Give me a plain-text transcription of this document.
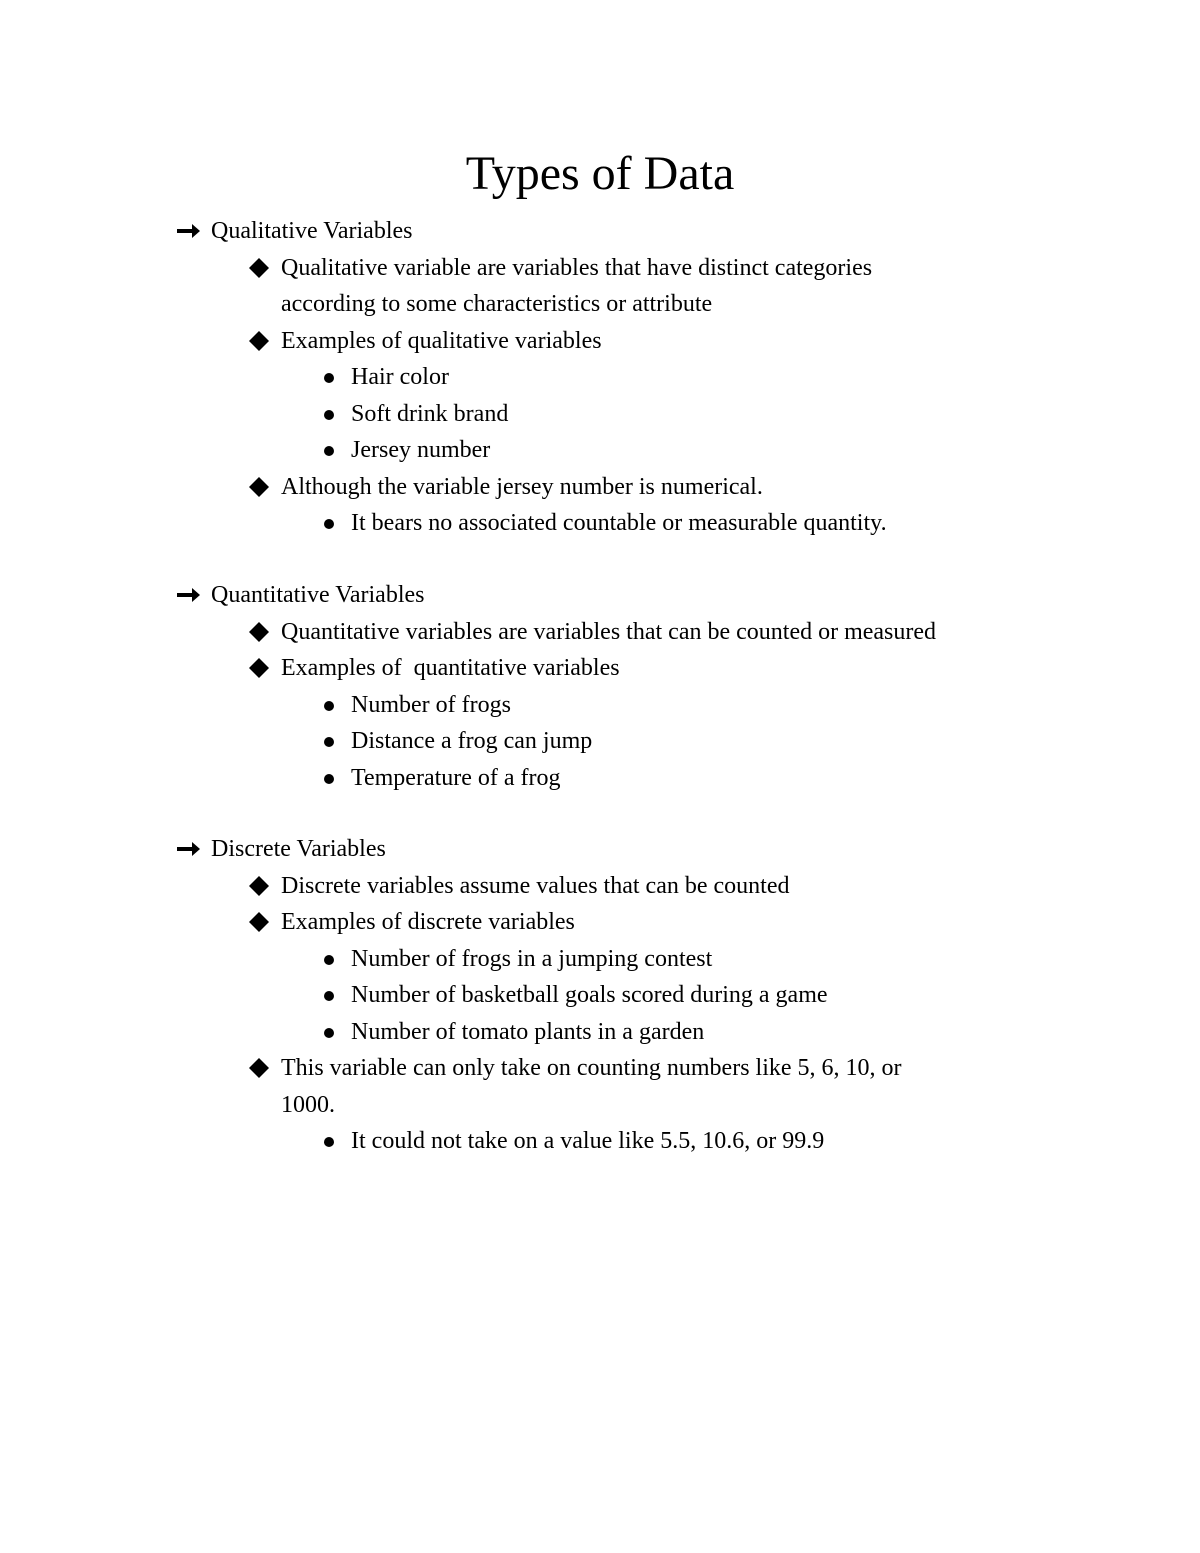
Types of Data

Qualitative Variables

Qualitative variable are variables that have distinct categories

according to some characteristics or attribute

Examples of qualitative variables

Hair color

Soft drink brand

Jersey number

Although the variable jersey number is numerical.

It bears no associated countable or measurable quantity.

Quantitative Variables

Quantitative variables are variables that can be counted or measured

Examples of  quantitative variables

Number of frogs

Distance a frog can jump

Temperature of a frog

Discrete Variables

Discrete variables assume values that can be counted

Examples of discrete variables

Number of frogs in a jumping contest

Number of basketball goals scored during a game

Number of tomato plants in a garden

This variable can only take on counting numbers like 5, 6, 10, or

1000.

It could not take on a value like 5.5, 10.6, or 99.9
